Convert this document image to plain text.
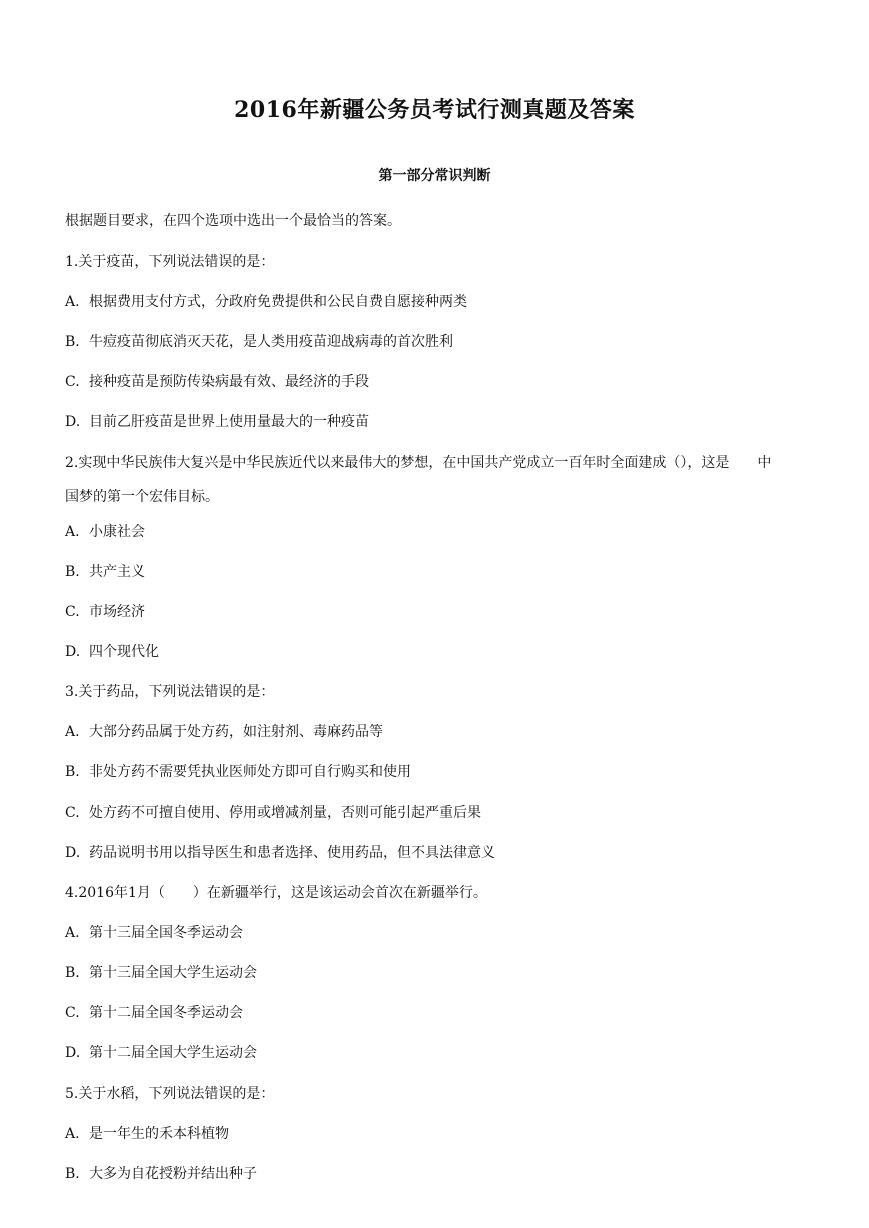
2016年新疆公务员考试行测真题及答案
第一部分常识判断
根据题目要求，在四个选项中选出一个最恰当的答案。
1.关于疫苗，下列说法错误的是：
A. 根据费用支付方式，分政府免费提供和公民自费自愿接种两类
B. 牛痘疫苗彻底消灭天花，是人类用疫苗迎战病毒的首次胜利
C. 接种疫苗是预防传染病最有效、最经济的手段
D. 目前乙肝疫苗是世界上使用量最大的一种疫苗
2.实现中华民族伟大复兴是中华民族近代以来最伟大的梦想，在中国共产党成立一百年时全面建成（），这是　　中
国梦的第一个宏伟目标。
A. 小康社会
B. 共产主义
C. 市场经济
D. 四个现代化
3.关于药品，下列说法错误的是：
A. 大部分药品属于处方药，如注射剂、毒麻药品等
B. 非处方药不需要凭执业医师处方即可自行购买和使用
C. 处方药不可擅自使用、停用或增减剂量，否则可能引起严重后果
D. 药品说明书用以指导医生和患者选择、使用药品，但不具法律意义
4.2016年1月（　　）在新疆举行，这是该运动会首次在新疆举行。
A. 第十三届全国冬季运动会
B. 第十三届全国大学生运动会
C. 第十二届全国冬季运动会
D. 第十二届全国大学生运动会
5.关于水稻，下列说法错误的是：
A. 是一年生的禾本科植物
B. 大多为自花授粉并结出种子
